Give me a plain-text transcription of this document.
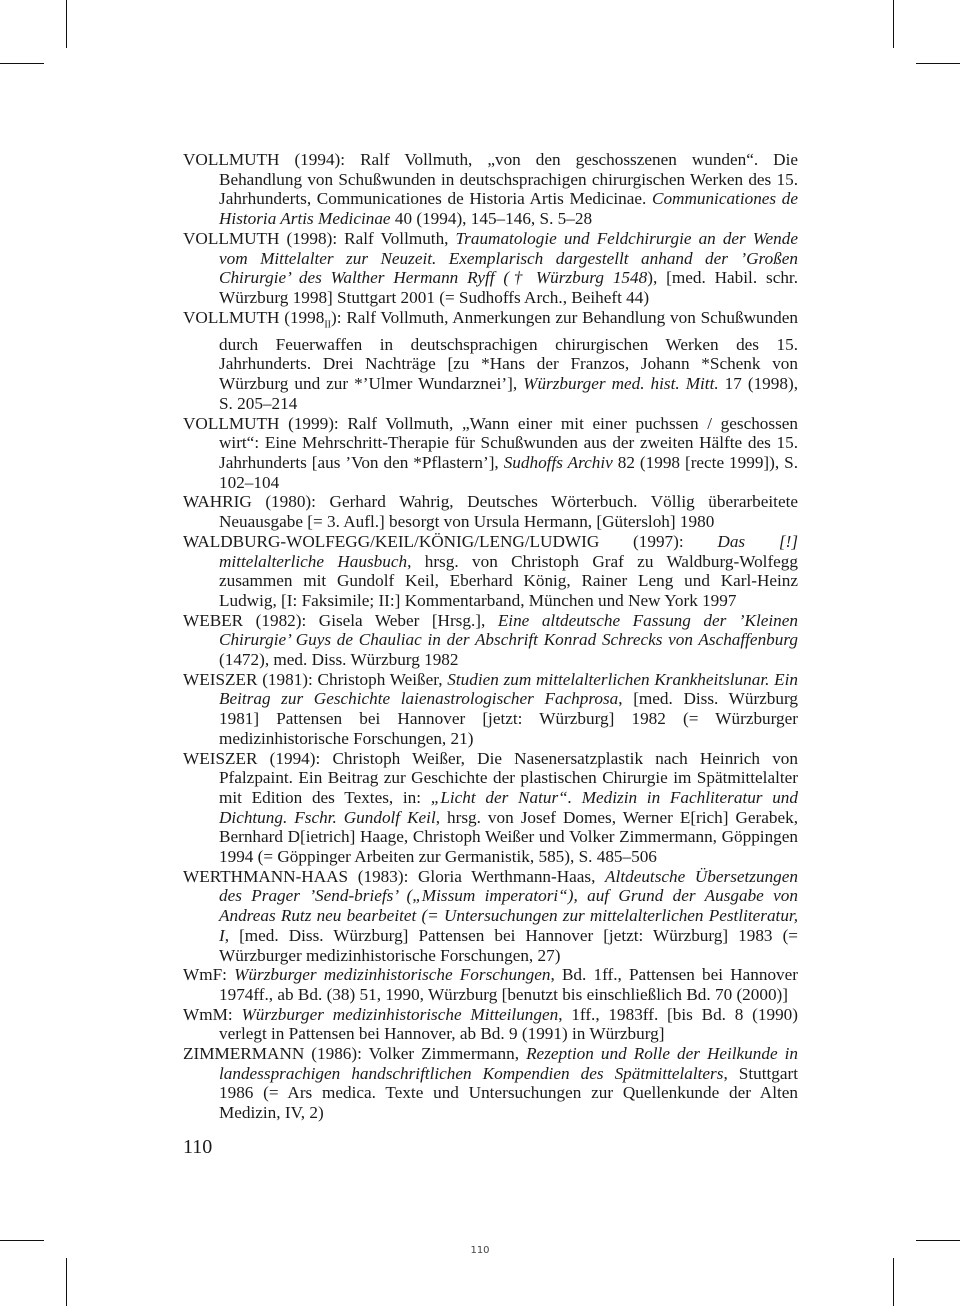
VOLLMUTH (1994): Ralf Vollmuth, „von den geschosszenen wunden“. Die Behandlung von Schußwunden in deutschsprachigen chirurgischen Werken des 15. Jahrhunderts, Communicationes de Historia Artis Medicinae. Communicationes de Historia Artis Medicinae 40 (1994), 145–146, S. 5–28

VOLLMUTH (1998): Ralf Vollmuth, Traumatologie und Feldchirurgie an der Wende vom Mittelalter zur Neuzeit. Exemplarisch dargestellt anhand der ’Großen Chirurgie’ des Walther Hermann Ryff († Würzburg 1548), [med. Habil. schr. Würzburg 1998] Stuttgart 2001 (= Sudhoffs Arch., Beiheft 44)

VOLLMUTH $(1998_{II})$: Ralf Vollmuth, Anmerkungen zur Behandlung von Schußwunden durch Feuerwaffen in deutschsprachigen chirurgischen Werken des 15. Jahrhunderts. Drei Nachträge [zu *Hans der Franzos, Johann *Schenk von Würzburg und zur *’Ulmer Wundarznei’], Würzburger med. hist. Mitt. 17 (1998), S. 205–214

VOLLMUTH (1999): Ralf Vollmuth, „Wann einer mit einer puchssen / geschossen wirt“: Eine Mehrschritt-Therapie für Schußwunden aus der zweiten Hälfte des 15. Jahrhunderts [aus ’Von den *Pflastern’], Sudhoffs Archiv 82 (1998 [recte 1999]), S. 102–104

WAHRIG (1980): Gerhard Wahrig, Deutsches Wörterbuch. Völlig überarbeitete Neuausgabe [= 3. Aufl.] besorgt von Ursula Hermann, [Gütersloh] 1980

WALDBURG-WOLFEGG/KEIL/KÖNIG/LENG/LUDWIG (1997): Das [!] mittelalterliche Hausbuch, hrsg. von Christoph Graf zu Waldburg-Wolfegg zusammen mit Gundolf Keil, Eberhard König, Rainer Leng und Karl-Heinz Ludwig, [I: Faksimile; II:] Kommentarband, München und New York 1997

WEBER (1982): Gisela Weber [Hrsg.], Eine altdeutsche Fassung der ’Kleinen Chirurgie’ Guys de Chauliac in der Abschrift Konrad Schrecks von Aschaffenburg (1472), med. Diss. Würzburg 1982

WEISZER (1981): Christoph Weißer, Studien zum mittelalterlichen Krankheitslunar. Ein Beitrag zur Geschichte laienastrologischer Fachprosa, [med. Diss. Würzburg 1981] Pattensen bei Hannover [jetzt: Würzburg] 1982 (= Würzburger medizinhistorische Forschungen, 21)

WEISZER (1994): Christoph Weißer, Die Nasenersatzplastik nach Heinrich von Pfalzpaint. Ein Beitrag zur Geschichte der plastischen Chirurgie im Spätmittelalter mit Edition des Textes, in: „Licht der Natur“. Medizin in Fachliteratur und Dichtung. Fschr. Gundolf Keil, hrsg. von Josef Domes, Werner E[rich] Gerabek, Bernhard D[ietrich] Haage, Christoph Weißer und Volker Zimmermann, Göppingen 1994 (= Göppinger Arbeiten zur Germanistik, 585), S. 485–506

WERTHMANN-HAAS (1983): Gloria Werthmann-Haas, Altdeutsche Übersetzungen des Prager ’Send-briefs’ („Missum imperatori“), auf Grund der Ausgabe von Andreas Rutz neu bearbeitet (= Untersuchungen zur mittelalterlichen Pestliteratur, I, [med. Diss. Würzburg] Pattensen bei Hannover [jetzt: Würzburg] 1983 (= Würzburger medizinhistorische Forschungen, 27)

WmF: Würzburger medizinhistorische Forschungen, Bd. 1ff., Pattensen bei Hannover 1974ff., ab Bd. (38) 51, 1990, Würzburg [benutzt bis einschließlich Bd. 70 (2000)]

WmM: Würzburger medizinhistorische Mitteilungen, 1ff., 1983ff. [bis Bd. 8 (1990) verlegt in Pattensen bei Hannover, ab Bd. 9 (1991) in Würzburg]

ZIMMERMANN (1986): Volker Zimmermann, Rezeption und Rolle der Heilkunde in landessprachigen handschriftlichen Kompendien des Spätmittelalters, Stuttgart 1986 (= Ars medica. Texte und Untersuchungen zur Quellenkunde der Alten Medizin, IV, 2)

110
110
